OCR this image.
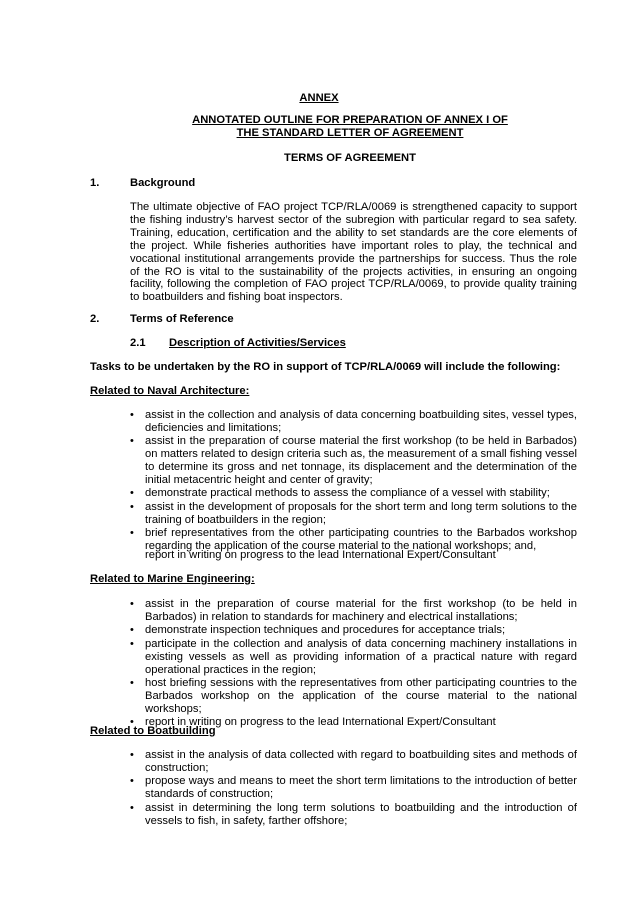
ANNEX
ANNOTATED OUTLINE FOR PREPARATION OF ANNEX I OF
THE STANDARD LETTER OF AGREEMENT
TERMS OF AGREEMENT
1.	Background
The ultimate objective of FAO project TCP/RLA/0069 is strengthened capacity to support the fishing industry’s harvest sector of the subregion with particular regard to sea safety. Training, education, certification and the ability to set standards are the core elements of the project. While fisheries authorities have important roles to play, the technical and vocational institutional arrangements provide the partnerships for success. Thus the role of the RO is vital to the sustainability of the projects activities, in ensuring an ongoing facility, following the completion of FAO project TCP/RLA/0069, to provide quality training to boatbuilders and fishing boat inspectors.
2.	Terms of Reference
2.1 Description of Activities/Services
Tasks to be undertaken by the RO in support of TCP/RLA/0069 will include the following:
Related to Naval Architecture:
• assist in the collection and analysis of data concerning boatbuilding sites, vessel types, deficiencies and limitations;
• assist in the preparation of course material the first workshop (to be held in Barbados) on matters related to design criteria such as, the measurement of a small fishing vessel to determine its gross and net tonnage, its displacement and the determination of the initial metacentric height and center of gravity;
• demonstrate practical methods to assess the compliance of a vessel with stability;
• assist in the development of proposals for the short term and long term solutions to the training of boatbuilders in the region;
• brief representatives from the other participating countries to the Barbados workshop regarding the application of the course material to the national workshops; and,
report in writing on progress to the lead International Expert/Consultant
Related to Marine Engineering:
• assist in the preparation of course material for the first workshop (to be held in Barbados) in relation to standards for machinery and electrical installations;
• demonstrate inspection techniques and procedures for acceptance trials;
• participate in the collection and analysis of data concerning machinery installations in existing vessels as well as providing information of a practical nature with regard operational practices in the region;
• host briefing sessions with the representatives from other participating countries to the Barbados workshop on the application of the course material to the national workshops;
• report in writing on progress to the lead International Expert/Consultant
Related to Boatbuilding
• assist in the analysis of data collected with regard to boatbuilding sites and methods of construction;
• propose ways and means to meet the short term limitations to the introduction of better standards of construction;
• assist in determining the long term solutions to boatbuilding and the introduction of vessels to fish, in safety, farther offshore;
